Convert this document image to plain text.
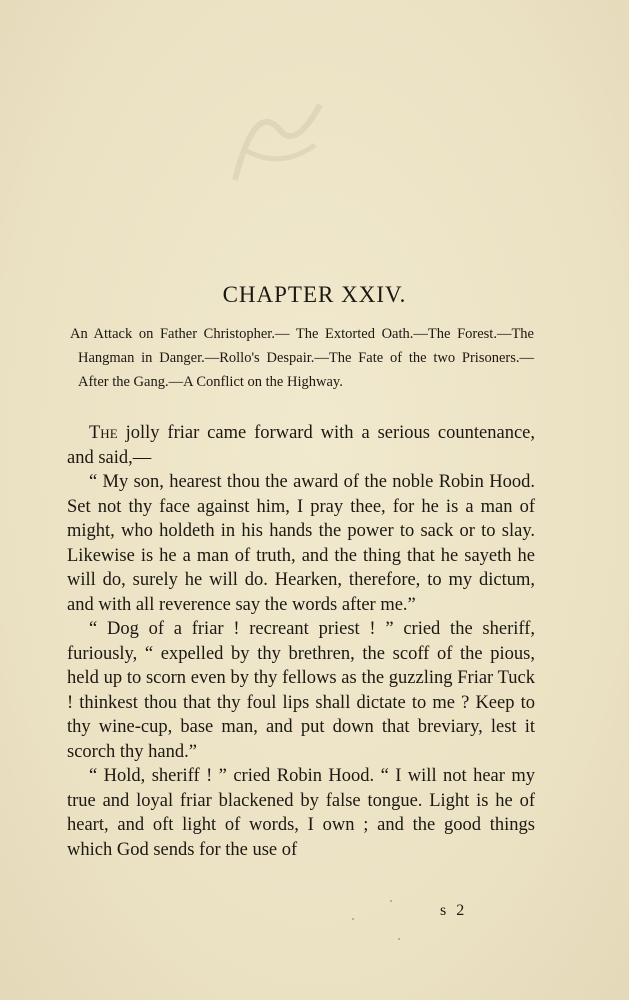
CHAPTER XXIV.

An Attack on Father Christopher.— The Extorted Oath.—The Forest.—The Hangman in Danger.—Rollo's Despair.—The Fate of the two Prisoners.—After the Gang.—A Conflict on the Highway.

The jolly friar came forward with a serious countenance, and said,—

“ My son, hearest thou the award of the noble Robin Hood. Set not thy face against him, I pray thee, for he is a man of might, who holdeth in his hands the power to sack or to slay. Likewise is he a man of truth, and the thing that he sayeth he will do, surely he will do. Hearken, therefore, to my dictum, and with all reverence say the words after me.”

“ Dog of a friar ! recreant priest ! ” cried the sheriff, furiously, “ expelled by thy brethren, the scoff of the pious, held up to scorn even by thy fellows as the guzzling Friar Tuck ! thinkest thou that thy foul lips shall dictate to me ? Keep to thy wine-cup, base man, and put down that breviary, lest it scorch thy hand.”

“ Hold, sheriff ! ” cried Robin Hood. “ I will not hear my true and loyal friar blackened by false tongue. Light is he of heart, and oft light of words, I own ; and the good things which God sends for the use of

s 2
